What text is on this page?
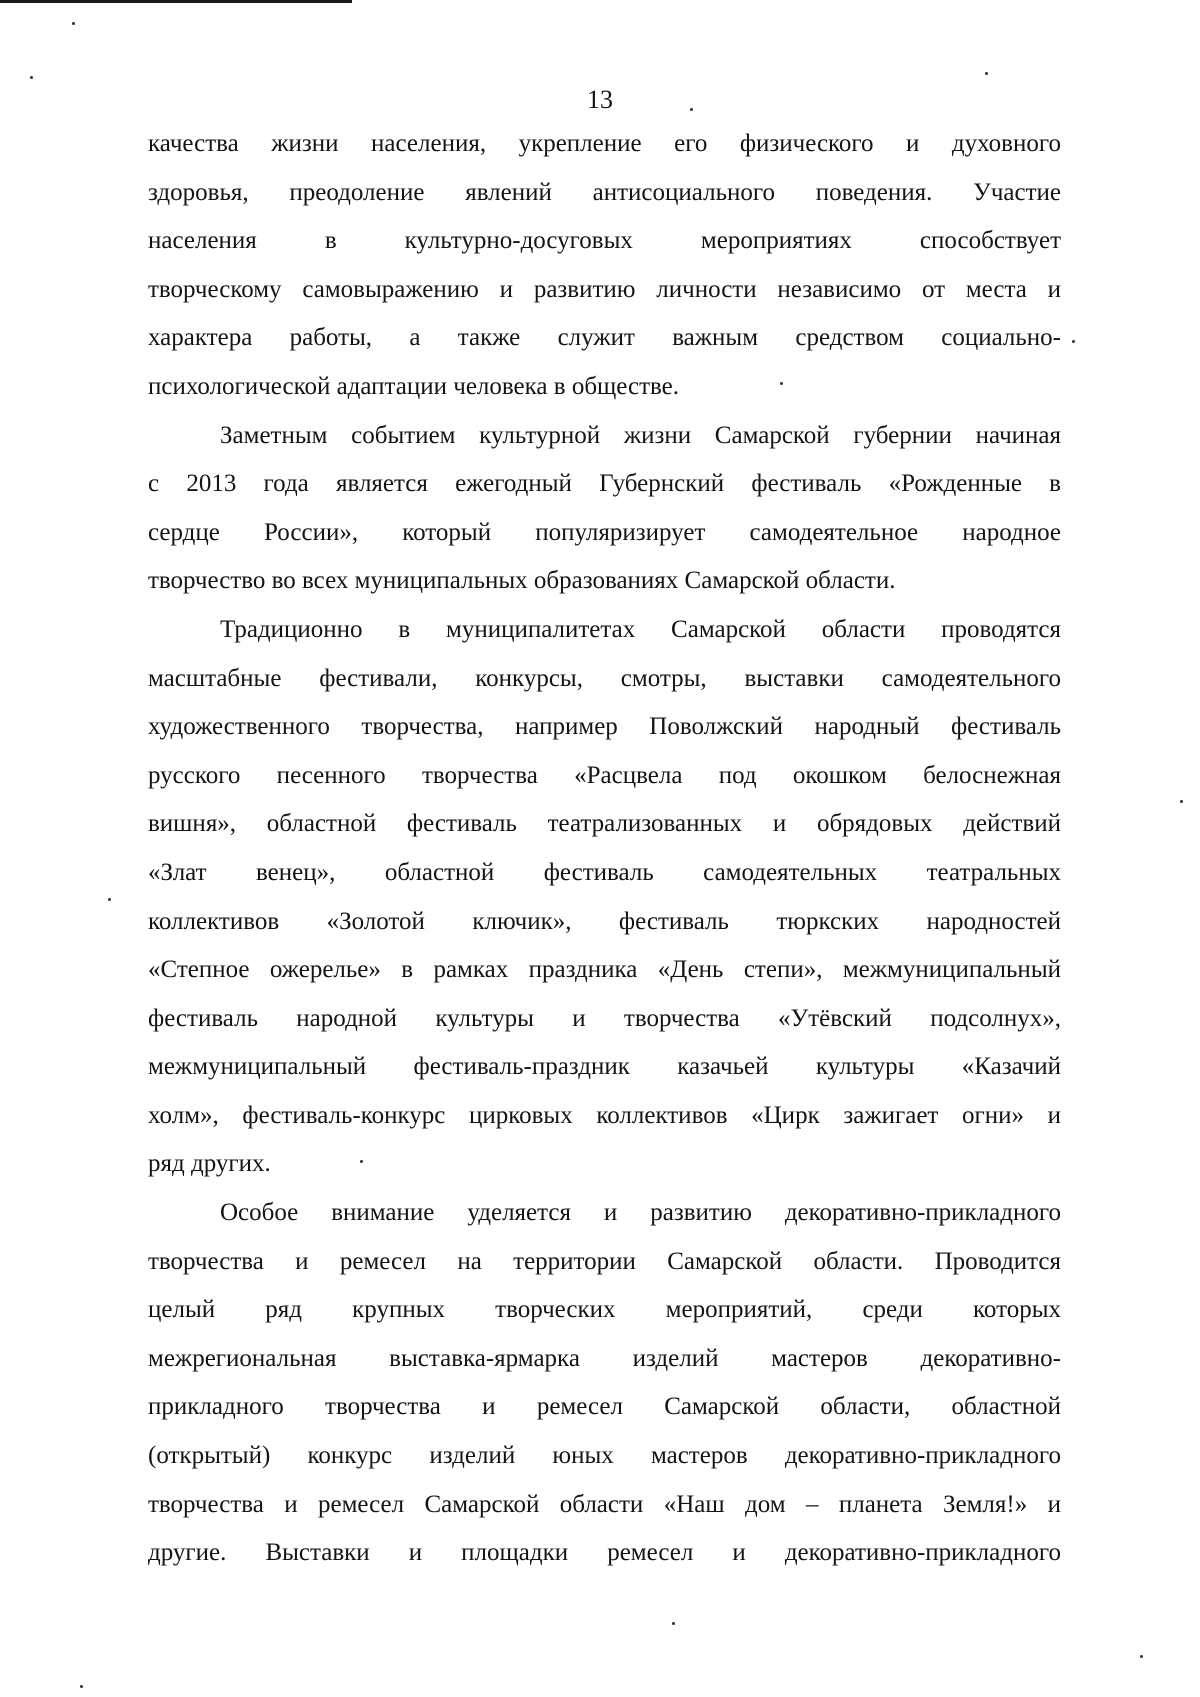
13
качества жизни населения, укрепление его физического и духовного
здоровья, преодоление явлений антисоциального поведения. Участие
населения в культурно-досуговых мероприятиях способствует
творческому самовыражению и развитию личности независимо от места и
характера работы, а также служит важным средством социально-
психологической адаптации человека в обществе.
Заметным событием культурной жизни Самарской губернии начиная
с 2013 года является ежегодный Губернский фестиваль «Рожденные в
сердце России», который популяризирует самодеятельное народное
творчество во всех муниципальных образованиях Самарской области.
Традиционно в муниципалитетах Самарской области проводятся
масштабные фестивали, конкурсы, смотры, выставки самодеятельного
художественного творчества, например Поволжский народный фестиваль
русского песенного творчества «Расцвела под окошком белоснежная
вишня», областной фестиваль театрализованных и обрядовых действий
«Злат венец», областной фестиваль самодеятельных театральных
коллективов «Золотой ключик», фестиваль тюркских народностей
«Степное ожерелье» в рамках праздника «День степи», межмуниципальный
фестиваль народной культуры и творчества «Утёвский подсолнух»,
межмуниципальный фестиваль-праздник казачьей культуры «Казачий
холм», фестиваль-конкурс цирковых коллективов «Цирк зажигает огни» и
ряд других.
Особое внимание уделяется и развитию декоративно-прикладного
творчества и ремесел на территории Самарской области. Проводится
целый ряд крупных творческих мероприятий, среди которых
межрегиональная выставка-ярмарка изделий мастеров декоративно-
прикладного творчества и ремесел Самарской области, областной
(открытый) конкурс изделий юных мастеров декоративно-прикладного
творчества и ремесел Самарской области «Наш дом – планета Земля!» и
другие. Выставки и площадки ремесел и декоративно-прикладного
